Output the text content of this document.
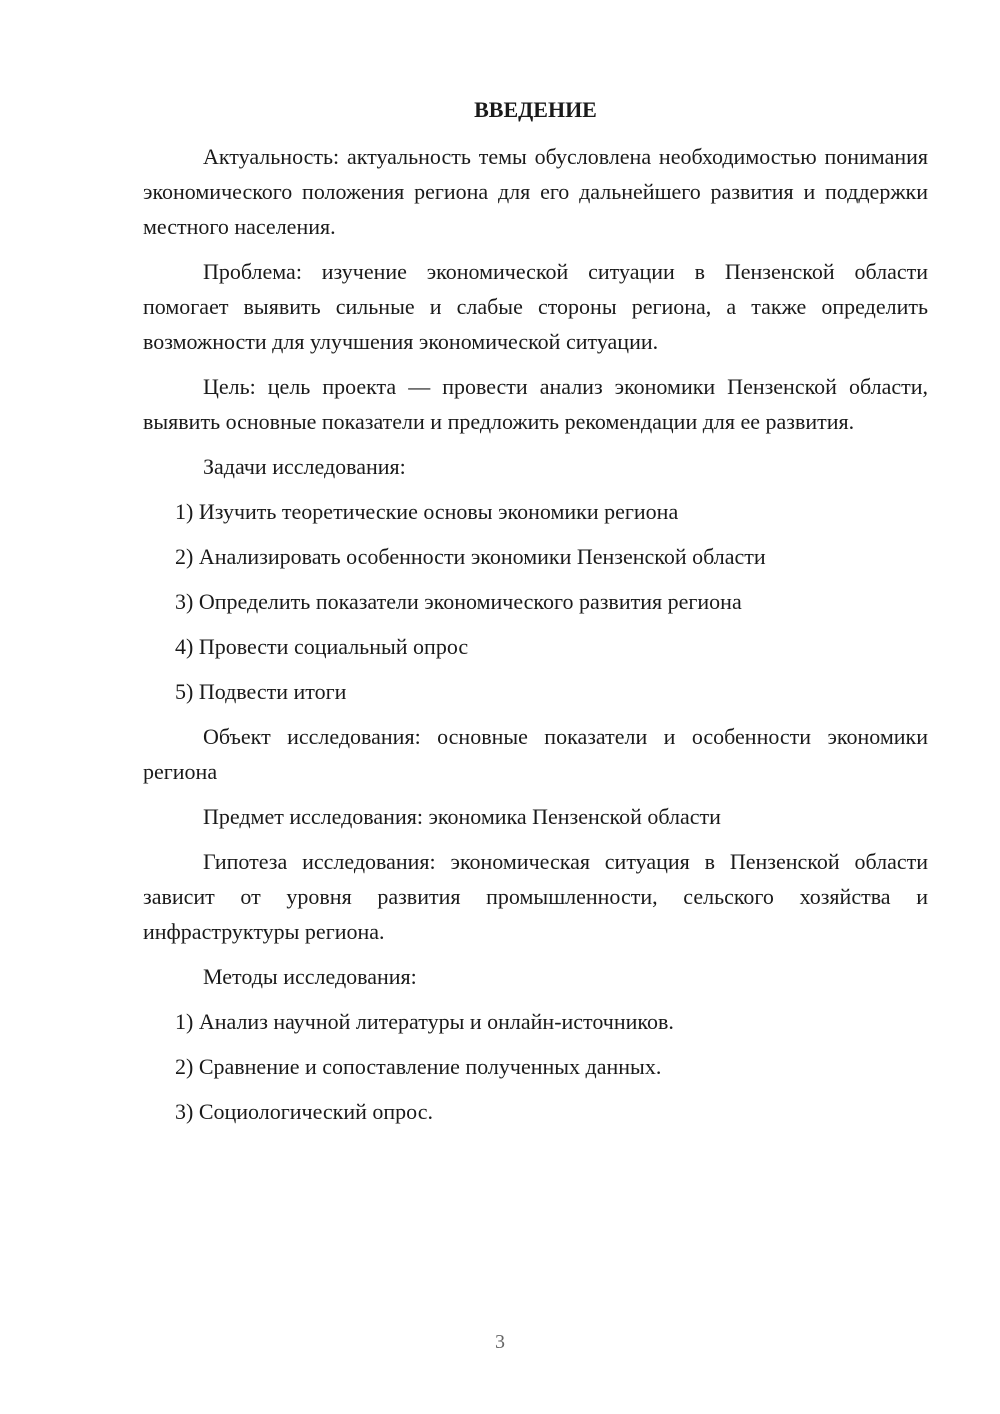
ВВЕДЕНИЕ

Актуальность: актуальность темы обусловлена необходимостью понимания экономического положения региона для его дальнейшего развития и поддержки местного населения.

Проблема: изучение экономической ситуации в Пензенской области помогает выявить сильные и слабые стороны региона, а также определить возможности для улучшения экономической ситуации.

Цель: цель проекта — провести анализ экономики Пензенской области, выявить основные показатели и предложить рекомендации для ее развития.

Задачи исследования:
1) Изучить теоретические основы экономики региона
2) Анализировать особенности экономики Пензенской области
3) Определить показатели экономического развития региона
4) Провести социальный опрос
5) Подвести итоги

Объект исследования: основные показатели и особенности экономики региона

Предмет исследования: экономика Пензенской области

Гипотеза исследования: экономическая ситуация в Пензенской области зависит от уровня развития промышленности, сельского хозяйства и инфраструктуры региона.

Методы исследования:
1) Анализ научной литературы и онлайн-источников.
2) Сравнение и сопоставление полученных данных.
3) Социологический опрос.
3
